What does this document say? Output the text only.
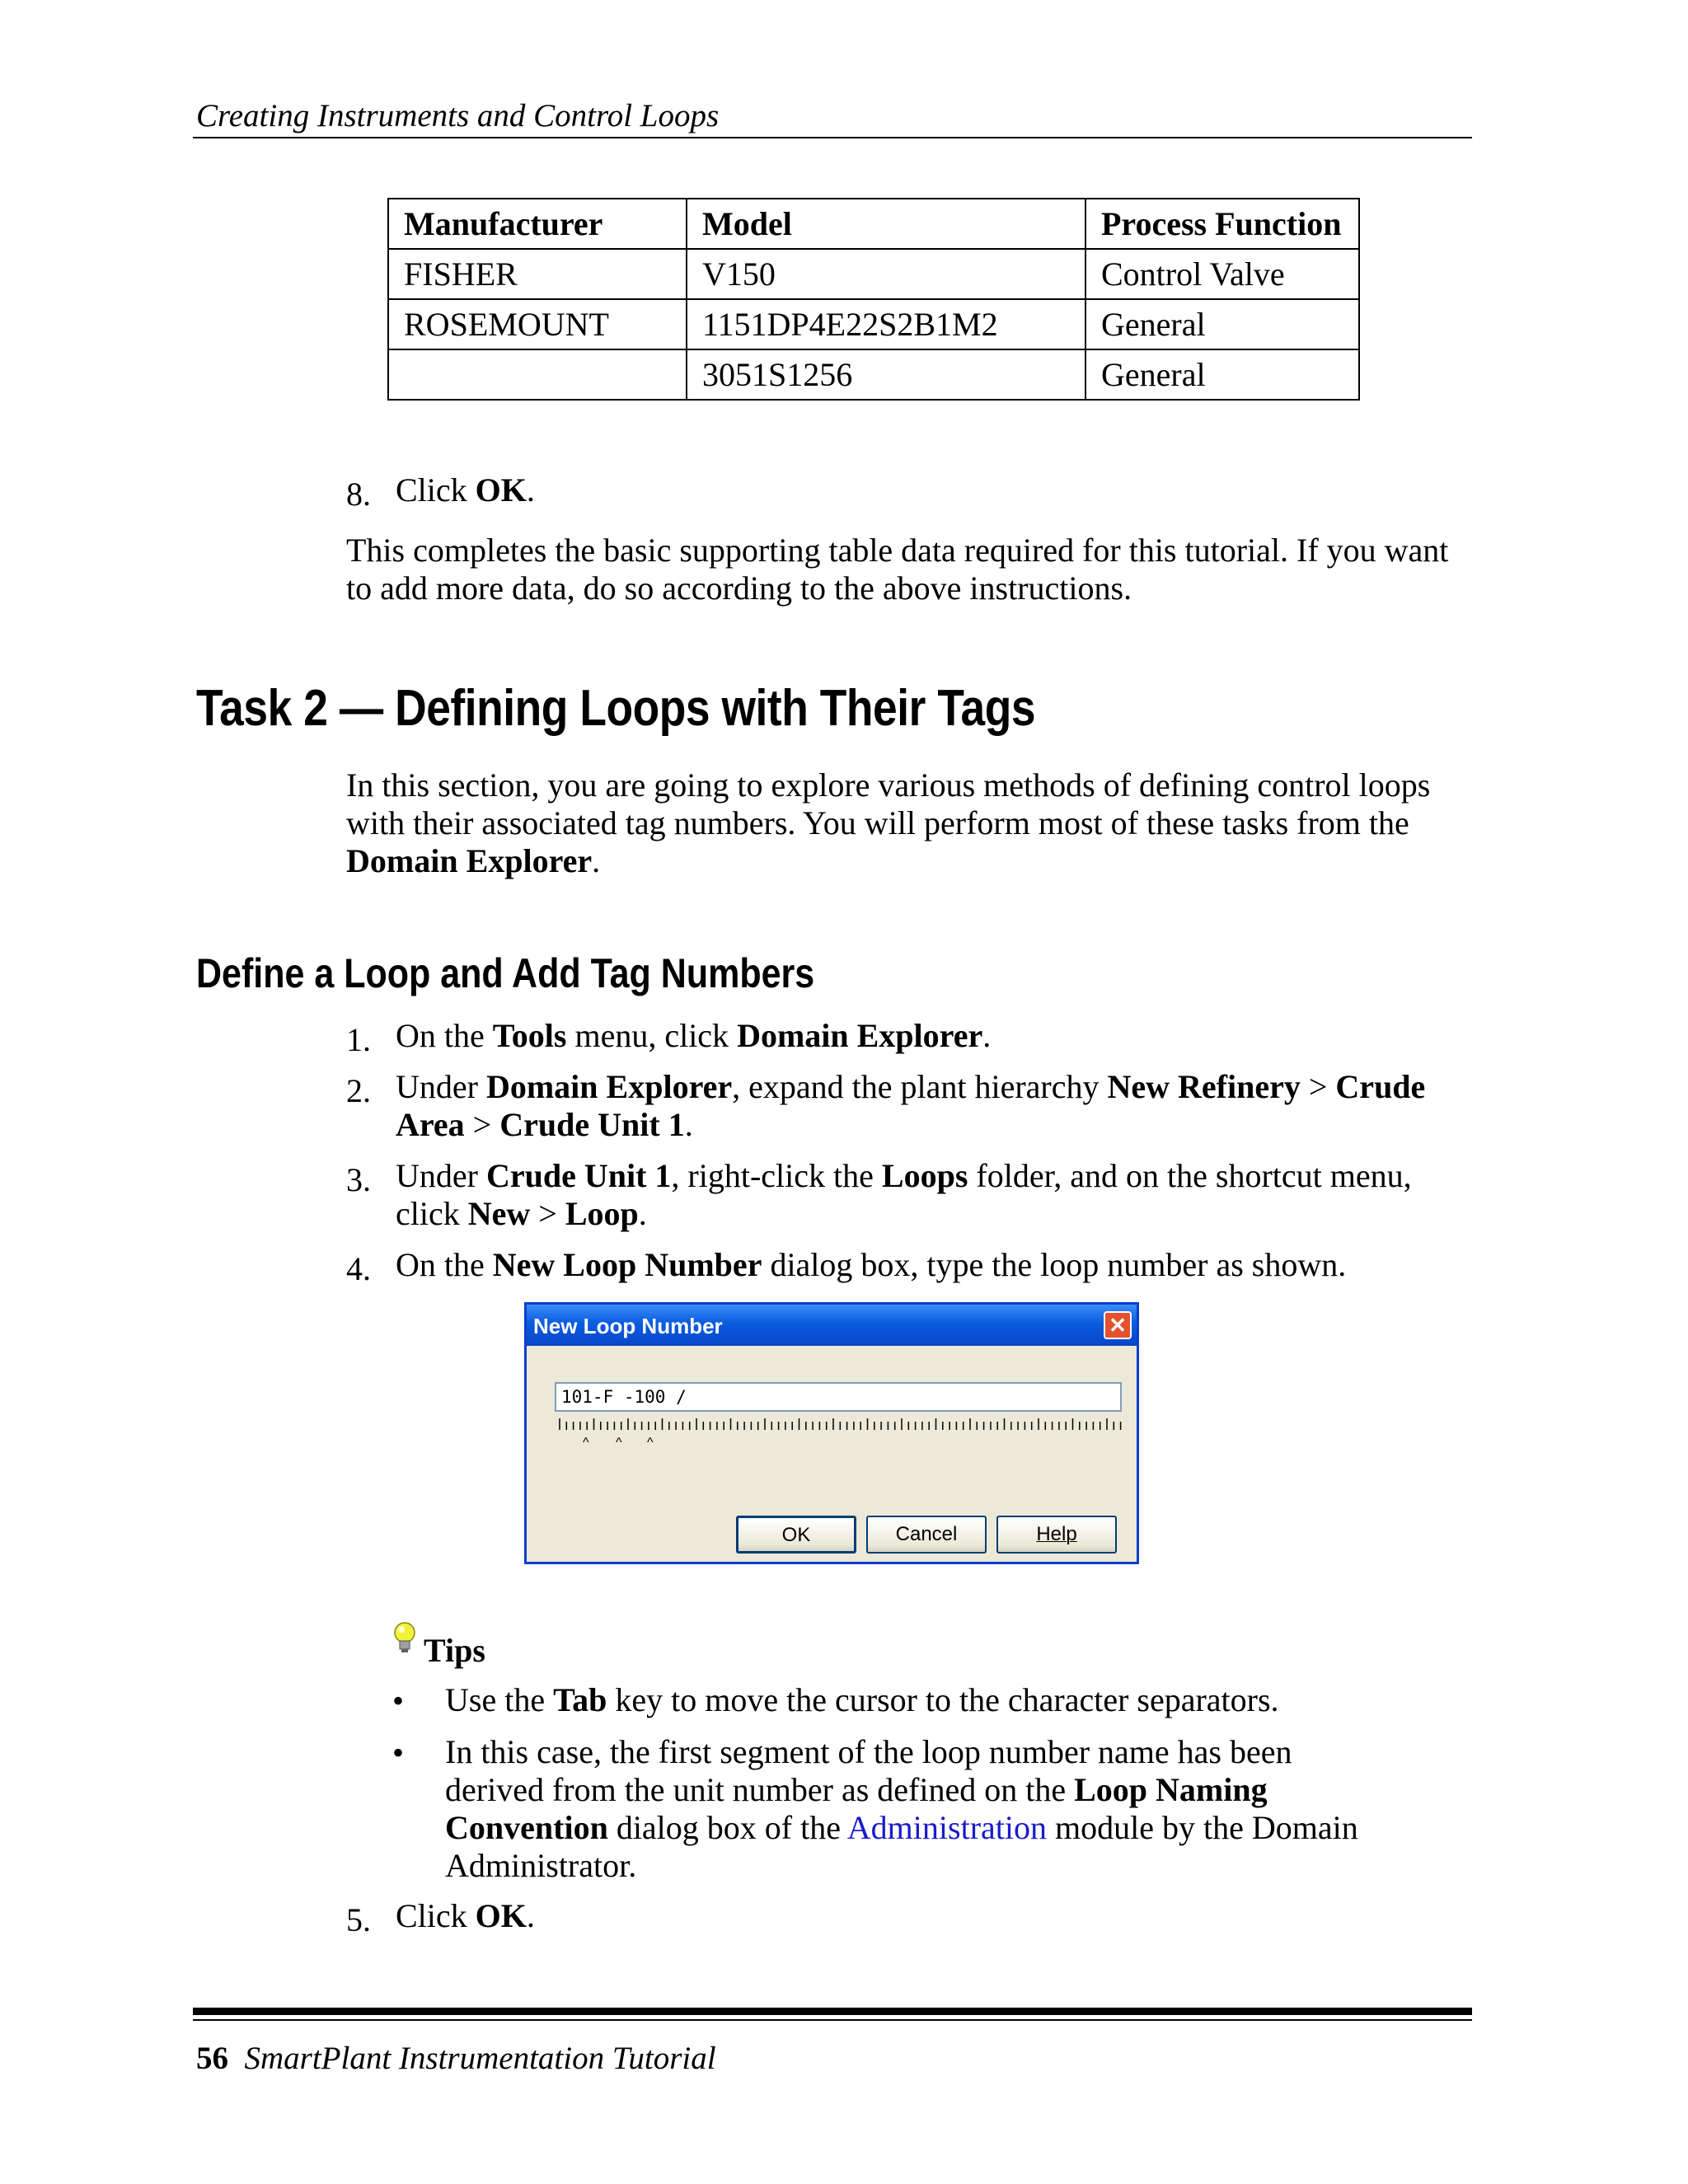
Creating Instruments and Control Loops
Manufacturer	Model	Process Function
FISHER	V150	Control Valve
ROSEMOUNT	1151DP4E22S2B1M2	General
	3051S1256	General
8. Click OK.
This completes the basic supporting table data required for this tutorial. If you want
to add more data, do so according to the above instructions.
Task 2 — Defining Loops with Their Tags
In this section, you are going to explore various methods of defining control loops
with their associated tag numbers. You will perform most of these tasks from the
Domain Explorer.
Define a Loop and Add Tag Numbers
1. On the Tools menu, click Domain Explorer.
2. Under Domain Explorer, expand the plant hierarchy New Refinery > Crude
Area > Crude Unit 1.
3. Under Crude Unit 1, right-click the Loops folder, and on the shortcut menu,
click New > Loop.
4. On the New Loop Number dialog box, type the loop number as shown.
New Loop Number	✕
101-F -100 /
^ ^ ^
OK	Cancel	Help
Tips
• Use the Tab key to move the cursor to the character separators.
• In this case, the first segment of the loop number name has been
derived from the unit number as defined on the Loop Naming
Convention dialog box of the Administration module by the Domain
Administrator.
5. Click OK.
56 SmartPlant Instrumentation Tutorial
